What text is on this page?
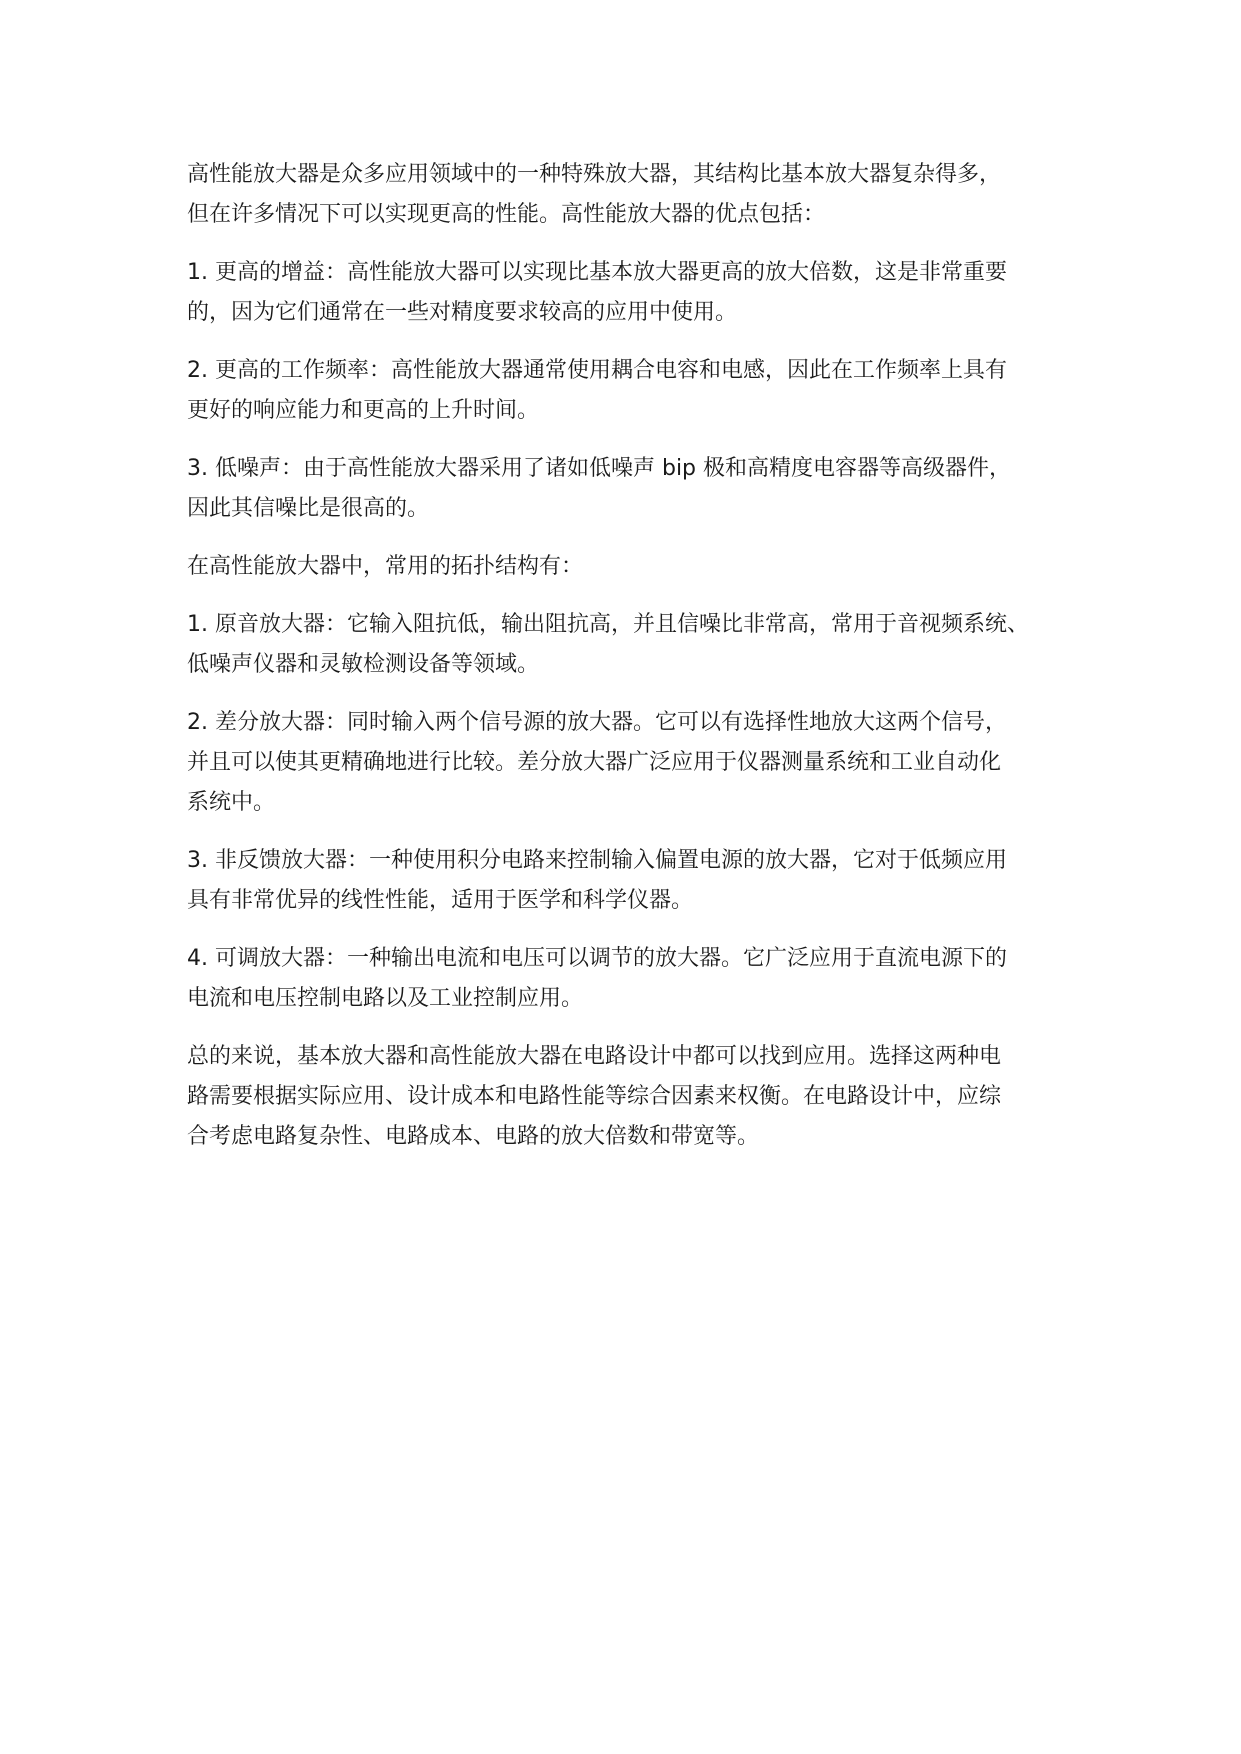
高性能放大器是众多应用领域中的一种特殊放大器，其结构比基本放大器复杂得多，
但在许多情况下可以实现更高的性能。高性能放大器的优点包括：

1. 更高的增益：高性能放大器可以实现比基本放大器更高的放大倍数，这是非常重要
的，因为它们通常在一些对精度要求较高的应用中使用。

2. 更高的工作频率：高性能放大器通常使用耦合电容和电感，因此在工作频率上具有
更好的响应能力和更高的上升时间。

3. 低噪声：由于高性能放大器采用了诸如低噪声 bip 极和高精度电容器等高级器件，
因此其信噪比是很高的。

在高性能放大器中，常用的拓扑结构有：

1. 原音放大器：它输入阻抗低，输出阻抗高，并且信噪比非常高，常用于音视频系统、
低噪声仪器和灵敏检测设备等领域。

2. 差分放大器：同时输入两个信号源的放大器。它可以有选择性地放大这两个信号，
并且可以使其更精确地进行比较。差分放大器广泛应用于仪器测量系统和工业自动化
系统中。

3. 非反馈放大器：一种使用积分电路来控制输入偏置电源的放大器，它对于低频应用
具有非常优异的线性性能，适用于医学和科学仪器。

4. 可调放大器：一种输出电流和电压可以调节的放大器。它广泛应用于直流电源下的
电流和电压控制电路以及工业控制应用。

总的来说，基本放大器和高性能放大器在电路设计中都可以找到应用。选择这两种电
路需要根据实际应用、设计成本和电路性能等综合因素来权衡。在电路设计中，应综
合考虑电路复杂性、电路成本、电路的放大倍数和带宽等。
